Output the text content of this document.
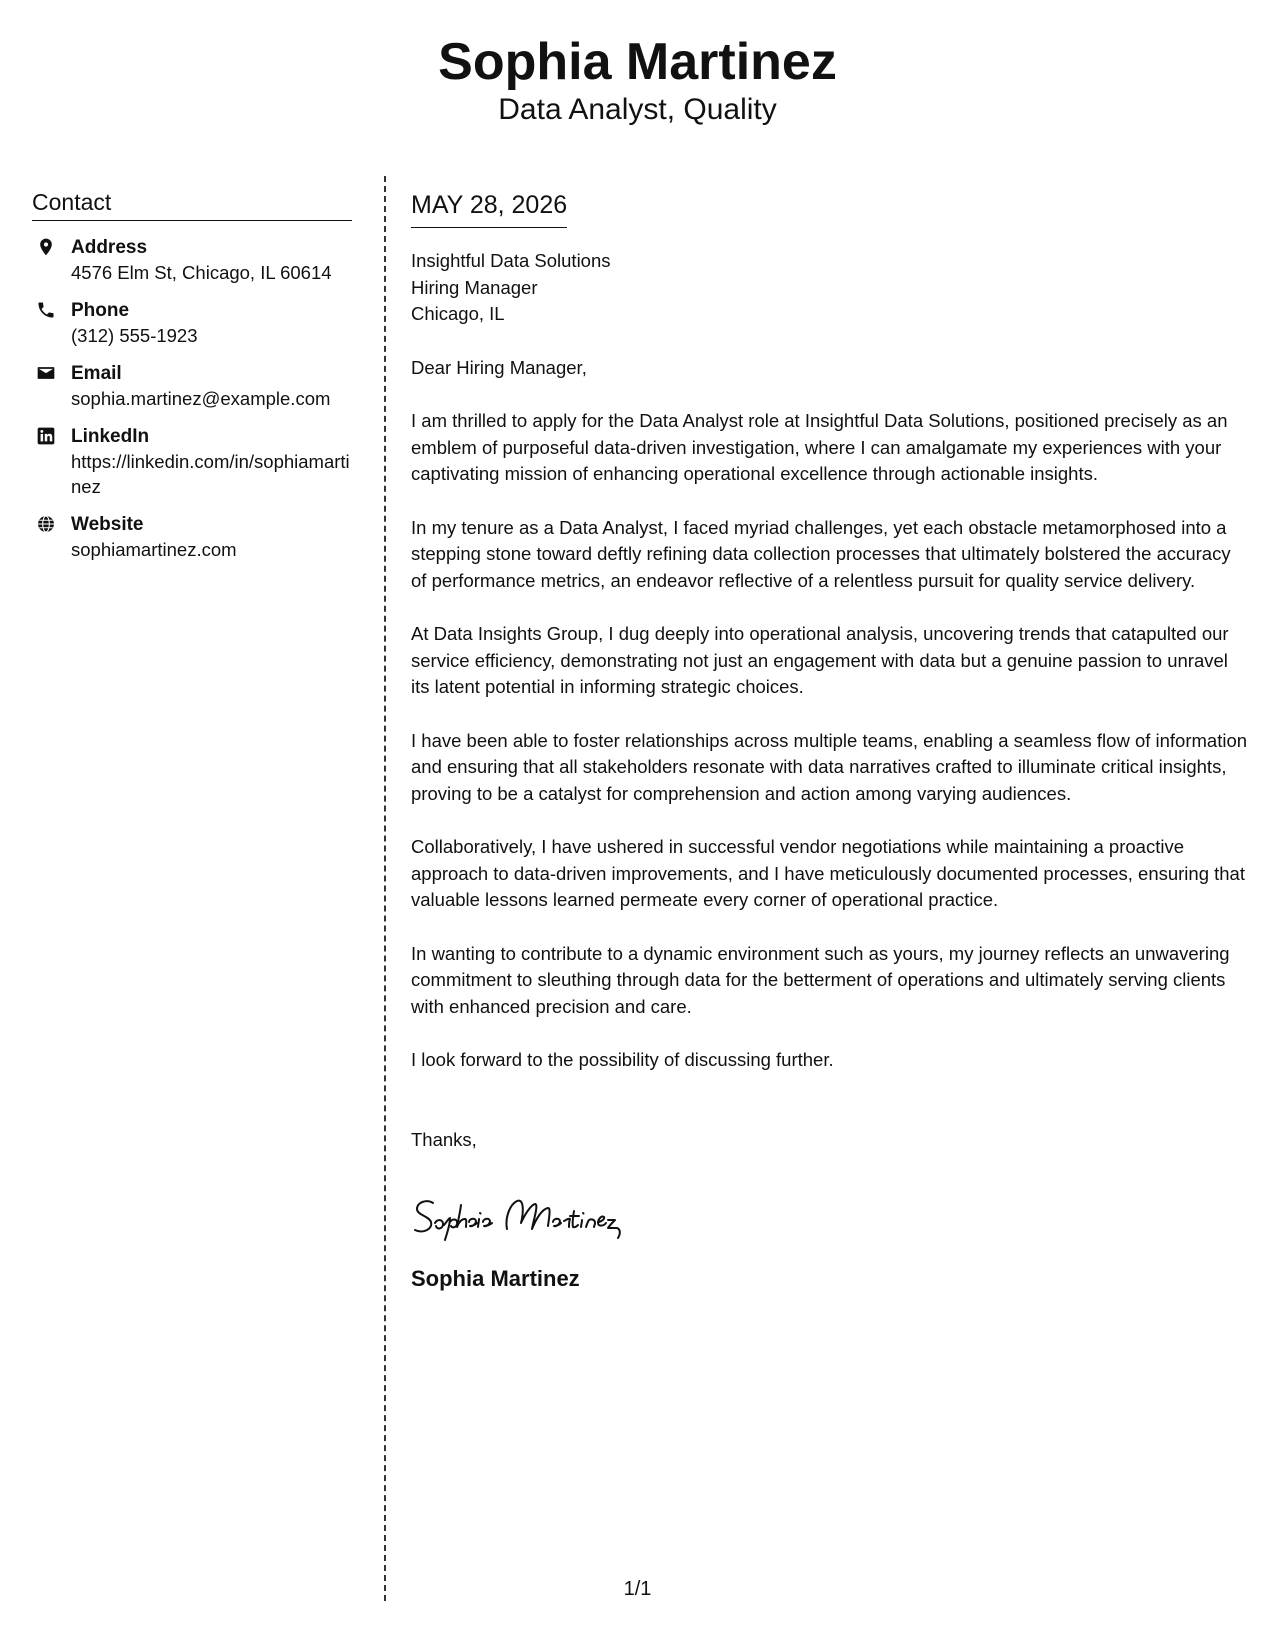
Sophia Martinez
Data Analyst, Quality
Contact
Address
4576 Elm St, Chicago, IL 60614
Phone
(312) 555-1923
Email
sophia.martinez@example.com
LinkedIn
https://linkedin.com/in/sophiamartinez
Website
sophiamartinez.com
MAY 28, 2026
Insightful Data Solutions
Hiring Manager
Chicago, IL
Dear Hiring Manager,
I am thrilled to apply for the Data Analyst role at Insightful Data Solutions, positioned precisely as an emblem of purposeful data-driven investigation, where I can amalgamate my experiences with your captivating mission of enhancing operational excellence through actionable insights.
In my tenure as a Data Analyst, I faced myriad challenges, yet each obstacle metamorphosed into a stepping stone toward deftly refining data collection processes that ultimately bolstered the accuracy of performance metrics, an endeavor reflective of a relentless pursuit for quality service delivery.
At Data Insights Group, I dug deeply into operational analysis, uncovering trends that catapulted our service efficiency, demonstrating not just an engagement with data but a genuine passion to unravel its latent potential in informing strategic choices.
I have been able to foster relationships across multiple teams, enabling a seamless flow of information and ensuring that all stakeholders resonate with data narratives crafted to illuminate critical insights, proving to be a catalyst for comprehension and action among varying audiences.
Collaboratively, I have ushered in successful vendor negotiations while maintaining a proactive approach to data-driven improvements, and I have meticulously documented processes, ensuring that valuable lessons learned permeate every corner of operational practice.
In wanting to contribute to a dynamic environment such as yours, my journey reflects an unwavering commitment to sleuthing through data for the betterment of operations and ultimately serving clients with enhanced precision and care.
I look forward to the possibility of discussing further.
Thanks,
Sophia Martinez
1/1
